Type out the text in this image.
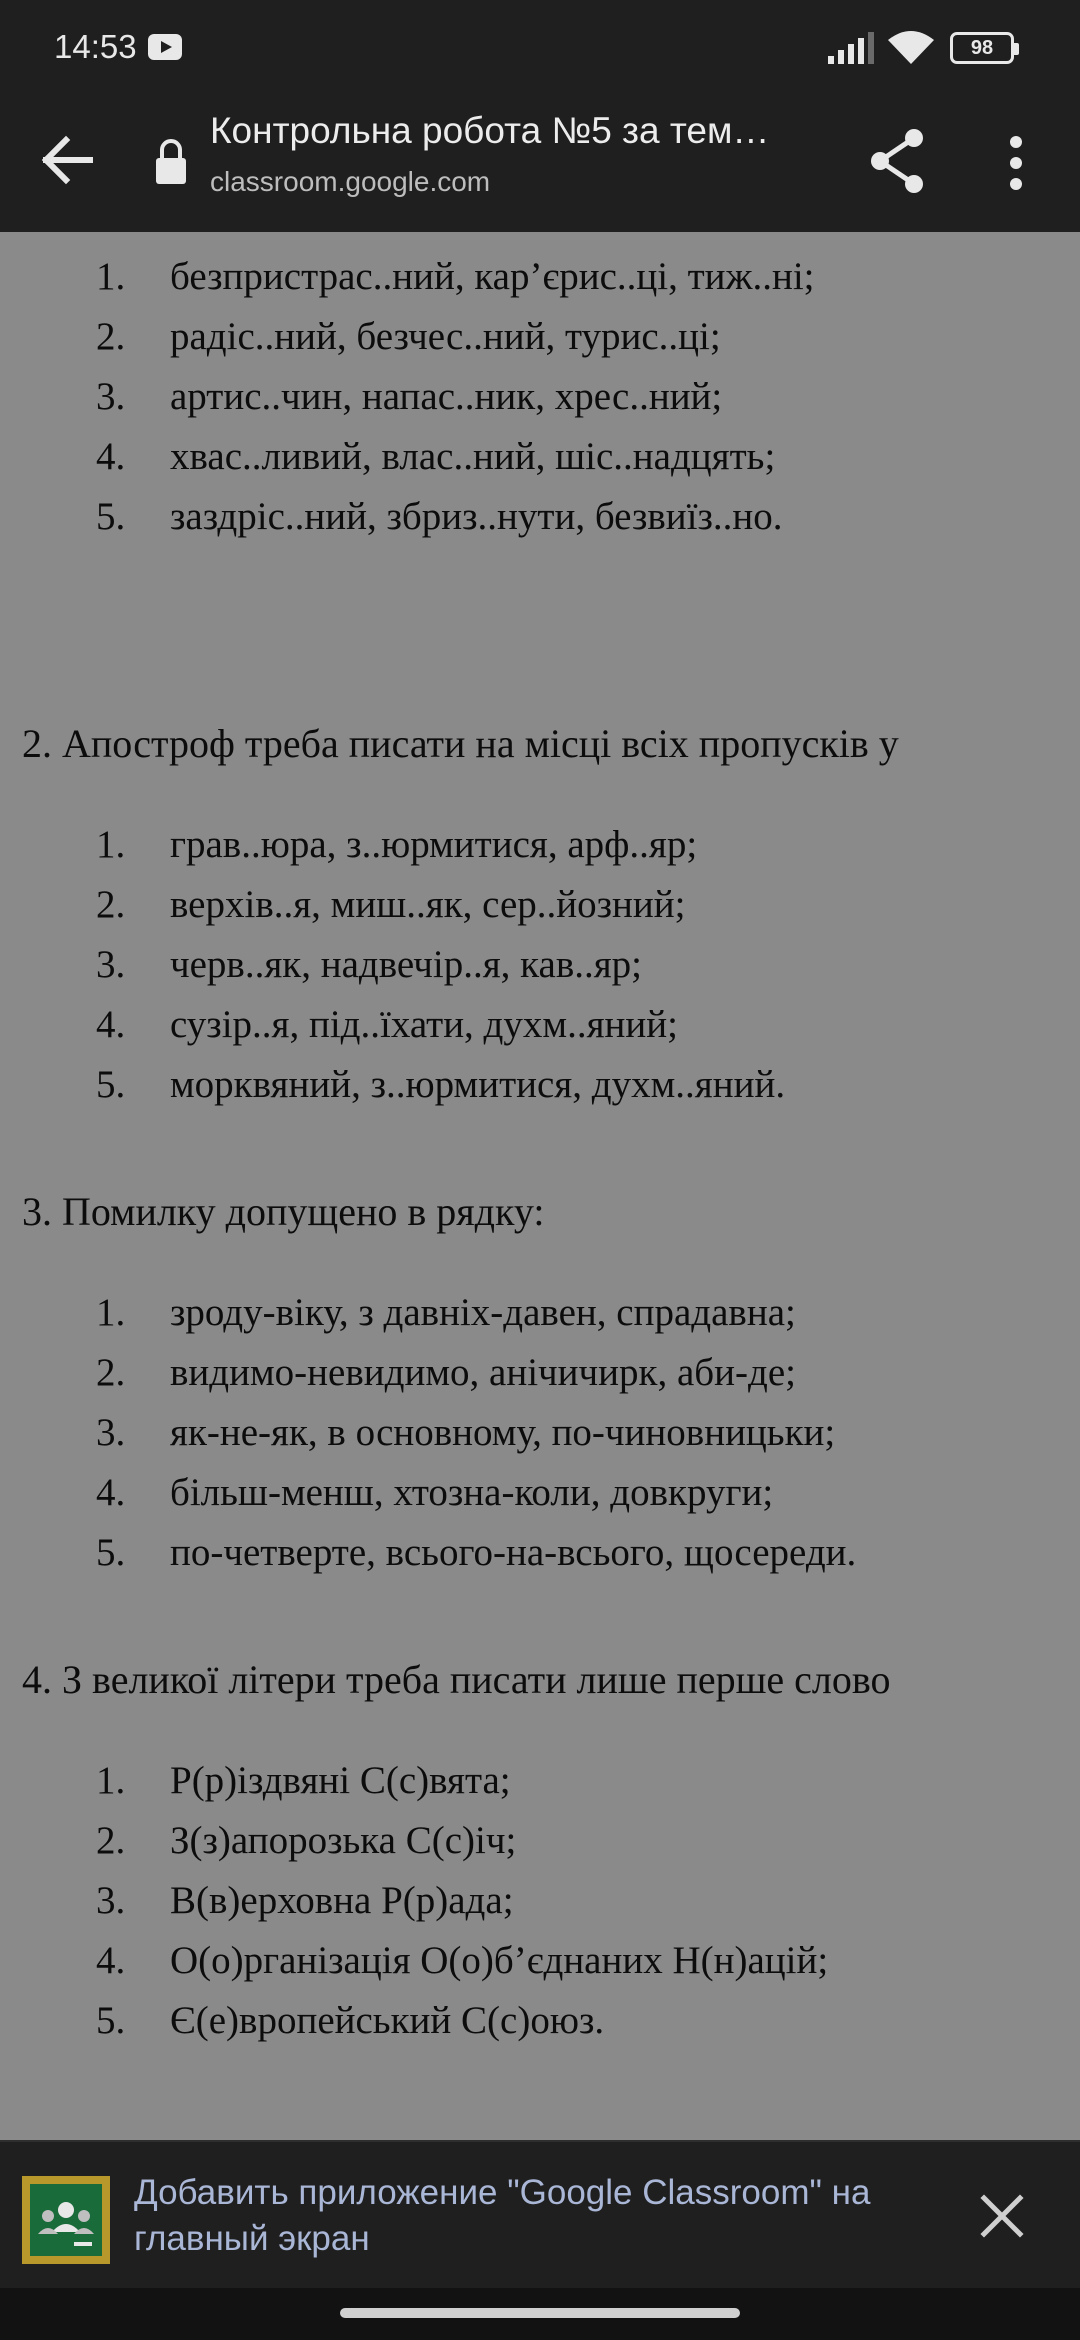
14:53	98
Контрольна робота №5 за тем…
classroom.google.com
1.	безпристрас..ний, кар’єрис..ці, тиж..ні;
2.	радіс..ний, безчес..ний, турис..ці;
3.	артис..чин, напас..ник, хрес..ний;
4.	хвас..ливий, влас..ний, шіс..надцять;
5.	заздріс..ний, збриз..нути, безвиїз..но.
2. Апостроф треба писати на місці всіх пропусків у
1.	грав..юра, з..юрмитися, арф..яр;
2.	верхів..я, миш..як, сер..йозний;
3.	черв..як, надвечір..я, кав..яр;
4.	сузір..я, під..їхати, духм..яний;
5.	морквяний, з..юрмитися, духм..яний.
3. Помилку допущено в рядку:
1.	зроду-віку, з давніх-давен, спрадавна;
2.	видимо-невидимо, анічичирк, аби-де;
3.	як-не-як, в основному, по-чиновницьки;
4.	більш-менш, хтозна-коли, довкруги;
5.	по-четверте, всього-на-всього, щосереди.
4. З великої літери треба писати лише перше слово
1.	Р(р)іздвяні С(с)вята;
2.	З(з)апорозька С(с)іч;
3.	В(в)ерховна Р(р)ада;
4.	О(о)рганізація О(о)б’єднаних Н(н)ацій;
5.	Є(е)вропейський С(с)оюз.
Добавить приложение "Google Classroom" на главный экран
